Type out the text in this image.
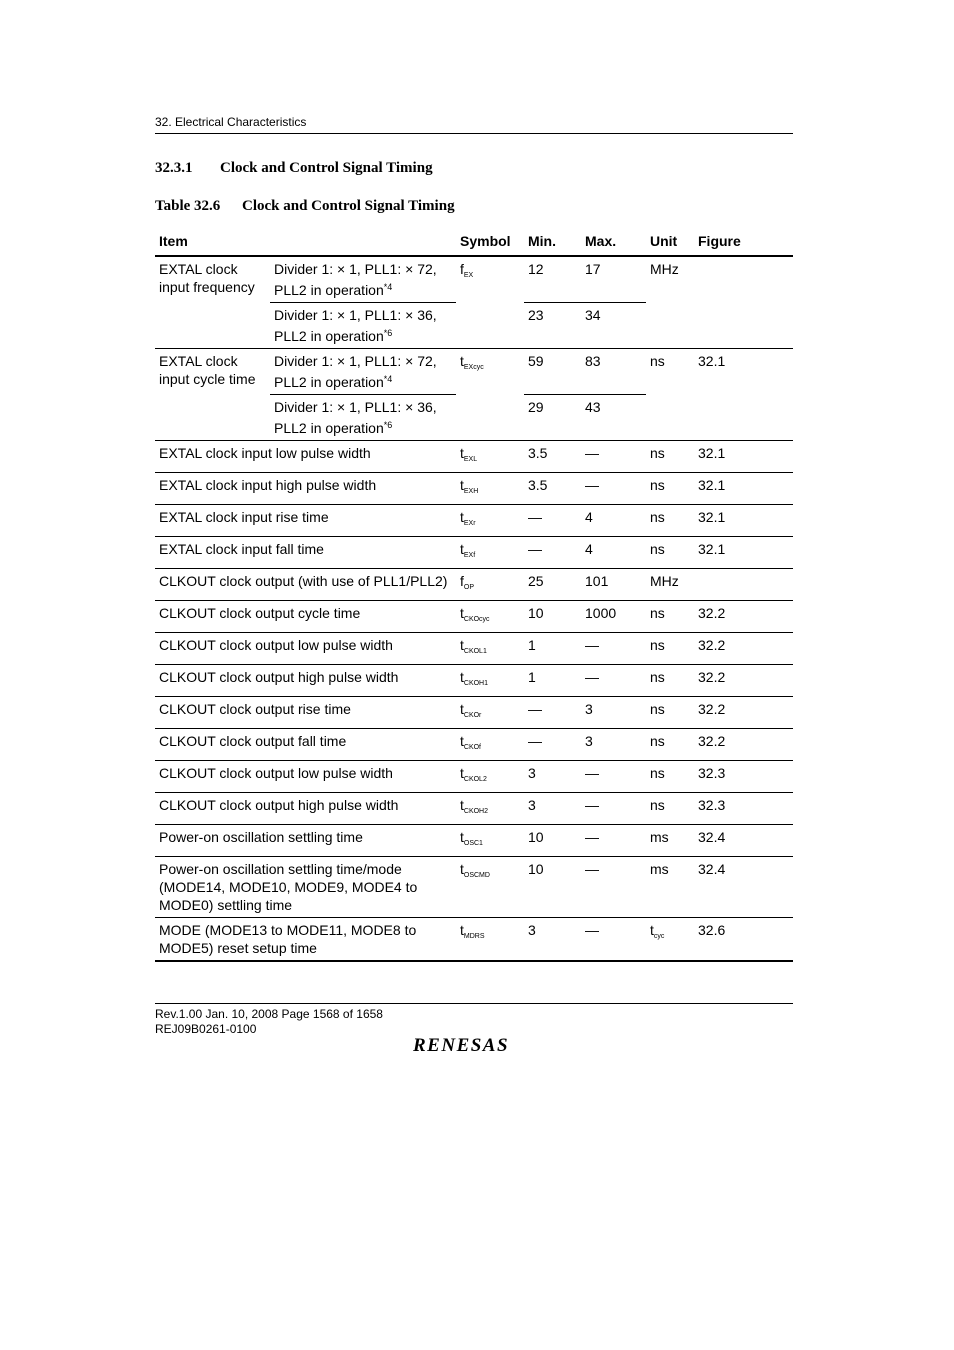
32. Electrical Characteristics
32.3.1 Clock and Control Signal Timing
Table 32.6 Clock and Control Signal Timing
Item		Symbol	Min.	Max.	Unit	Figure
EXTAL clock input frequency	Divider 1: × 1, PLL1: × 72, PLL2 in operation$^{*4}$	$f_{EX}$	12	17	MHz	
	Divider 1: × 1, PLL1: × 36, PLL2 in operation$^{*6}$		23	34		
EXTAL clock input cycle time	Divider 1: × 1, PLL1: × 72, PLL2 in operation$^{*4}$	$t_{EXcyc}$	59	83	ns	32.1
	Divider 1: × 1, PLL1: × 36, PLL2 in operation$^{*6}$		29	43		
EXTAL clock input low pulse width		$t_{EXL}$	3.5	—	ns	32.1
EXTAL clock input high pulse width		$t_{EXH}$	3.5	—	ns	32.1
EXTAL clock input rise time		$t_{EXr}$	—	4	ns	32.1
EXTAL clock input fall time		$t_{EXf}$	—	4	ns	32.1
CLKOUT clock output (with use of PLL1/PLL2)		$f_{OP}$	25	101	MHz	
CLKOUT clock output cycle time		$t_{CKOcyc}$	10	1000	ns	32.2
CLKOUT clock output low pulse width		$t_{CKOL1}$	1	—	ns	32.2
CLKOUT clock output high pulse width		$t_{CKOH1}$	1	—	ns	32.2
CLKOUT clock output rise time		$t_{CKOr}$	—	3	ns	32.2
CLKOUT clock output fall time		$t_{CKOf}$	—	3	ns	32.2
CLKOUT clock output low pulse width		$t_{CKOL2}$	3	—	ns	32.3
CLKOUT clock output high pulse width		$t_{CKOH2}$	3	—	ns	32.3
Power-on oscillation settling time		$t_{OSC1}$	10	—	ms	32.4
Power-on oscillation settling time/mode (MODE14, MODE10, MODE9, MODE4 to MODE0) settling time		$t_{OSCMD}$	10	—	ms	32.4
MODE (MODE13 to MODE11, MODE8 to MODE5) reset setup time		$t_{MDRS}$	3	—	$t_{cyc}$	32.6
Rev.1.00 Jan. 10, 2008 Page 1568 of 1658
REJ09B0261-0100
RENESAS
